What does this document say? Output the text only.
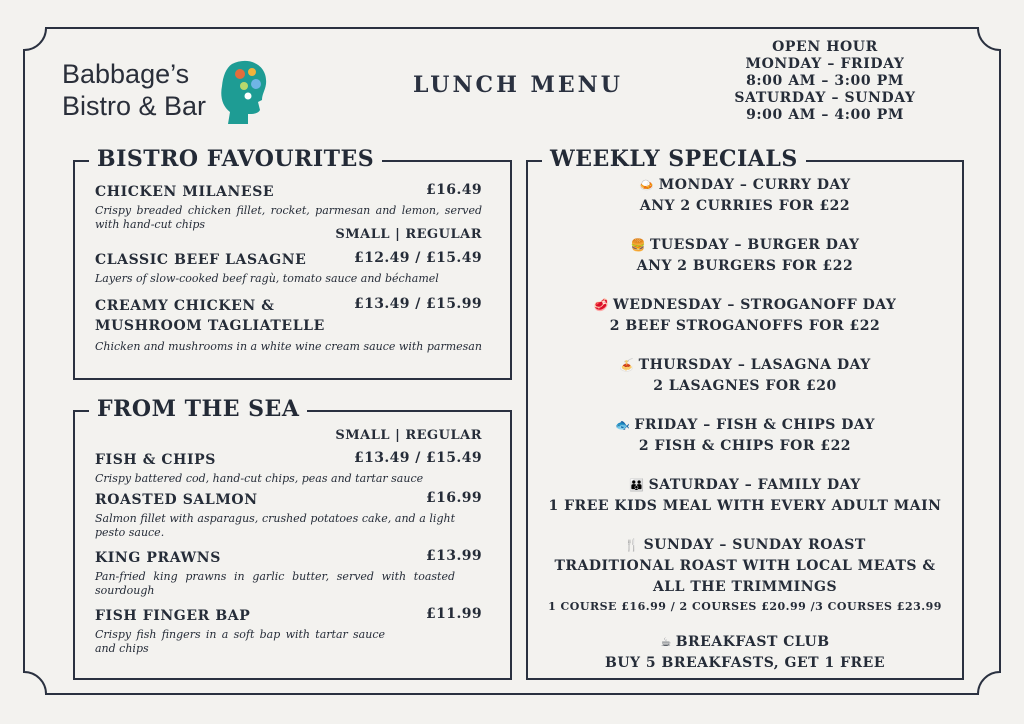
Babbage’s
Bistro & Bar
LUNCH MENU
OPEN HOUR
MONDAY – FRIDAY
8:00 AM – 3:00 PM
SATURDAY – SUNDAY
9:00 AM – 4:00 PM
BISTRO FAVOURITES
CHICKEN MILANESE	£16.49
Crispy breaded chicken fillet, rocket, parmesan and lemon, served with hand-cut chips
SMALL | REGULAR
CLASSIC BEEF LASAGNE	£12.49 / £15.49
Layers of slow-cooked beef ragù, tomato sauce and béchamel
CREAMY CHICKEN & MUSHROOM TAGLIATELLE
£13.49 / £15.99
Chicken and mushrooms in a white wine cream sauce with parmesan
FROM THE SEA
SMALL | REGULAR
FISH & CHIPS	£13.49 / £15.49
Crispy battered cod, hand-cut chips, peas and tartar sauce
ROASTED SALMON	£16.99
Salmon fillet with asparagus, crushed potatoes cake, and a light pesto sauce.
KING PRAWNS	£13.99
Pan-fried king prawns in garlic butter, served with toasted sourdough
FISH FINGER BAP	£11.99
Crispy fish fingers in a soft bap with tartar sauce and chips
WEEKLY SPECIALS
🍛 MONDAY – CURRY DAY
ANY 2 CURRIES FOR £22
🍔 TUESDAY – BURGER DAY
ANY 2 BURGERS FOR £22
🥩 WEDNESDAY – STROGANOFF DAY
2 BEEF STROGANOFFS FOR £22
🍝 THURSDAY – LASAGNA DAY
2 LASAGNES FOR £20
🐟 FRIDAY – FISH & CHIPS DAY
2 FISH & CHIPS FOR £22
👪 SATURDAY – FAMILY DAY
1 FREE KIDS MEAL WITH EVERY ADULT MAIN
🍴 SUNDAY – SUNDAY ROAST
TRADITIONAL ROAST WITH LOCAL MEATS & ALL THE TRIMMINGS
1 COURSE £16.99 / 2 COURSES £20.99 /3 COURSES £23.99
☕ BREAKFAST CLUB
BUY 5 BREAKFASTS, GET 1 FREE
